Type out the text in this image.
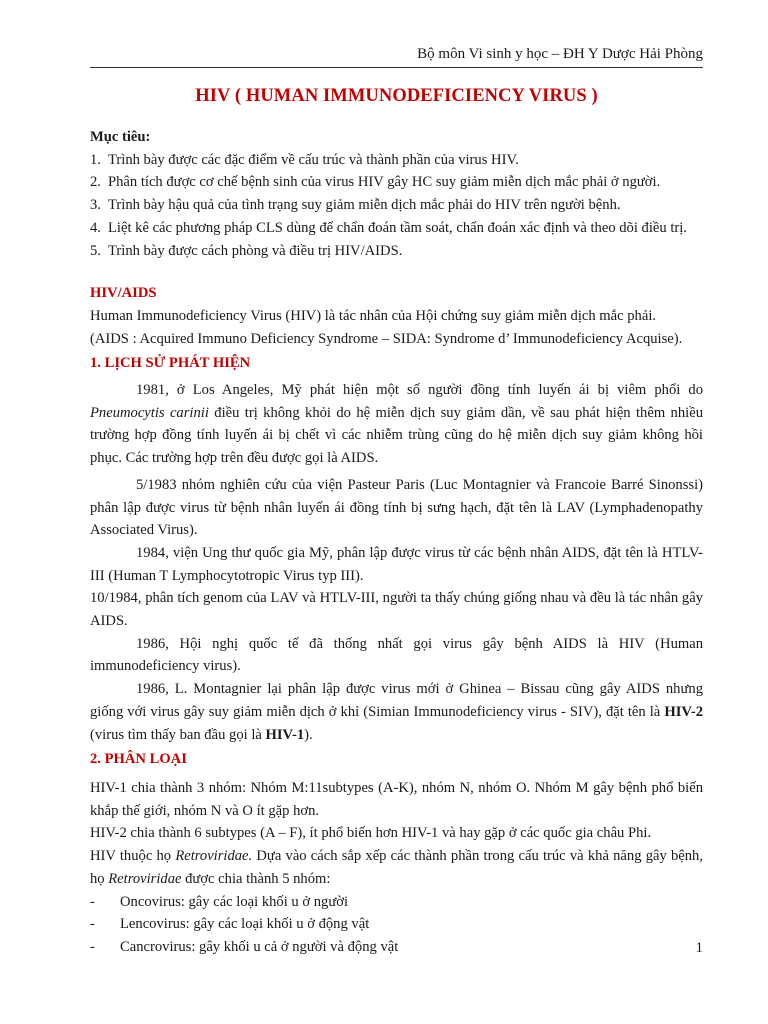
Bộ môn Vi sinh y học – ĐH Y Dược Hải Phòng
HIV ( HUMAN IMMUNODEFICIENCY VIRUS )

Mục tiêu:

1. Trình bày được các đặc điểm về cấu trúc và thành phần của virus HIV.
2. Phân tích được cơ chế bệnh sinh của virus HIV gây HC suy giảm miễn dịch mắc phải ở người.
3. Trình bày hậu quả của tình trạng suy giảm miễn dịch mắc phải do HIV trên người bệnh.
4. Liệt kê các phương pháp CLS dùng để chẩn đoán tầm soát, chẩn đoán xác định và theo dõi điều trị.
5. Trình bày được cách phòng và điều trị HIV/AIDS.

HIV/AIDS

Human Immunodeficiency Virus (HIV) là tác nhân của Hội chứng suy giảm miễn dịch mắc phải.

(AIDS : Acquired Immuno Deficiency Syndrome – SIDA: Syndrome d’ Immunodeficiency Acquise).

1. LỊCH SỬ PHÁT HIỆN

1981, ở Los Angeles, Mỹ phát hiện một số người đồng tính luyến ái bị viêm phổi do Pneumocytis carinii điều trị không khỏi do hệ miễn dịch suy giảm dần, về sau phát hiện thêm nhiều trường hợp đồng tính luyến ái bị chết vì các nhiễm trùng cũng do hệ miễn dịch suy giảm không hồi phục. Các trường hợp trên đều được gọi là AIDS.

5/1983 nhóm nghiên cứu của viện Pasteur Paris (Luc Montagnier và Francoie Barré Sinonssi) phân lập được virus từ bệnh nhân luyến ái đồng tính bị sưng hạch, đặt tên là LAV (Lymphadenopathy Associated Virus).

1984, viện Ung thư quốc gia Mỹ, phân lập được virus từ các bệnh nhân AIDS, đặt tên là HTLV-III (Human T Lymphocytotropic Virus typ III).

10/1984, phân tích genom của LAV và HTLV-III, người ta thấy chúng giống nhau và đều là tác nhân gây AIDS.

1986, Hội nghị quốc tế đã thống nhất gọi virus gây bệnh AIDS là HIV (Human immunodeficiency virus).

1986, L. Montagnier lại phân lập được virus mới ở Ghinea – Bissau cũng gây AIDS nhưng giống với virus gây suy giảm miễn dịch ở khỉ (Simian Immunodeficiency virus - SIV), đặt tên là HIV-2 (virus tìm thấy ban đầu gọi là HIV-1).

2. PHÂN LOẠI

HIV-1 chia thành 3 nhóm: Nhóm M:11subtypes (A-K), nhóm N, nhóm O. Nhóm M gây bệnh phổ biến khắp thế giới, nhóm N và O ít gặp hơn.

HIV-2 chia thành 6 subtypes (A – F), ít phổ biến hơn HIV-1 và hay gặp ở các quốc gia châu Phi.

HIV thuộc họ Retroviridae. Dựa vào cách sắp xếp các thành phần trong cấu trúc và khả năng gây bệnh, họ Retroviridae được chia thành 5 nhóm:

- Oncovirus: gây các loại khối u ở người

- Lencovirus: gây các loại khối u ở động vật

- Cancrovirus: gây khối u cả ở người và động vật	1
